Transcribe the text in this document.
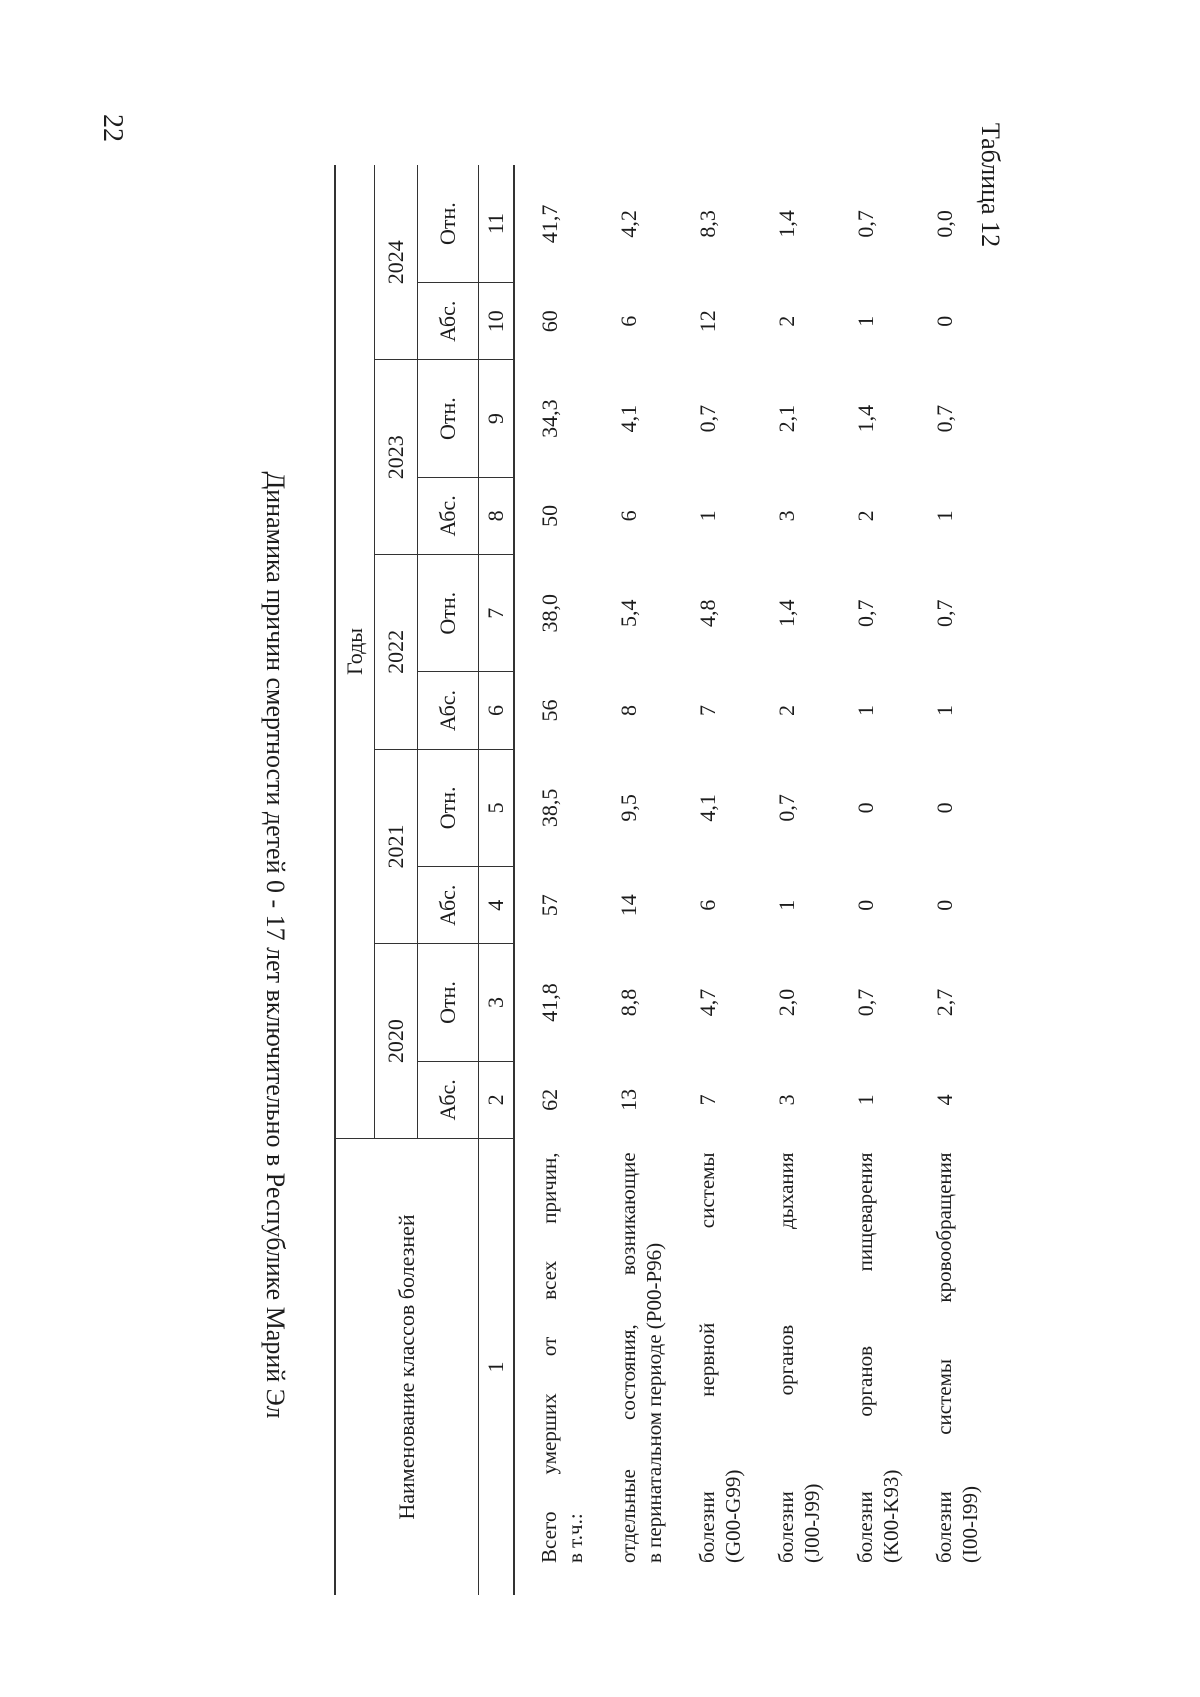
22	Таблица 12
Динамика причин смертности детей 0 - 17 лет включительно в Республике Марий Эл	Наименование классов болезней	Годы									
	2020		2021		2022		2023		2024	
	Абс.	Отн.	Абс.	Отн.	Абс.	Отн.	Абс.	Отн.	Абс.	Отн.
1	2	3	4	5	6	7	8	9	10	11

Всего умерших от всех причин, в т.ч.:	62	41,8	57	38,5	56	38,0	50	34,3	60	41,7

отдельные состояния, возникающие в перинатальном периоде (Р00-Р96)	13	8,8	14	9,5	8	5,4	6	4,1	6	4,2

болезни нервной системы (G00-G99)	7	4,7	6	4,1	7	4,8	1	0,7	12	8,3

болезни органов дыхания (J00-J99)	3	2,0	1	0,7	2	1,4	3	2,1	2	1,4

болезни органов пищеварения (K00-K93)	1	0,7	0	0	1	0,7	2	1,4	1	0,7

болезни системы кровообращения (I00-I99)	4	2,7	0	0	1	0,7	1	0,7	0	0,0
